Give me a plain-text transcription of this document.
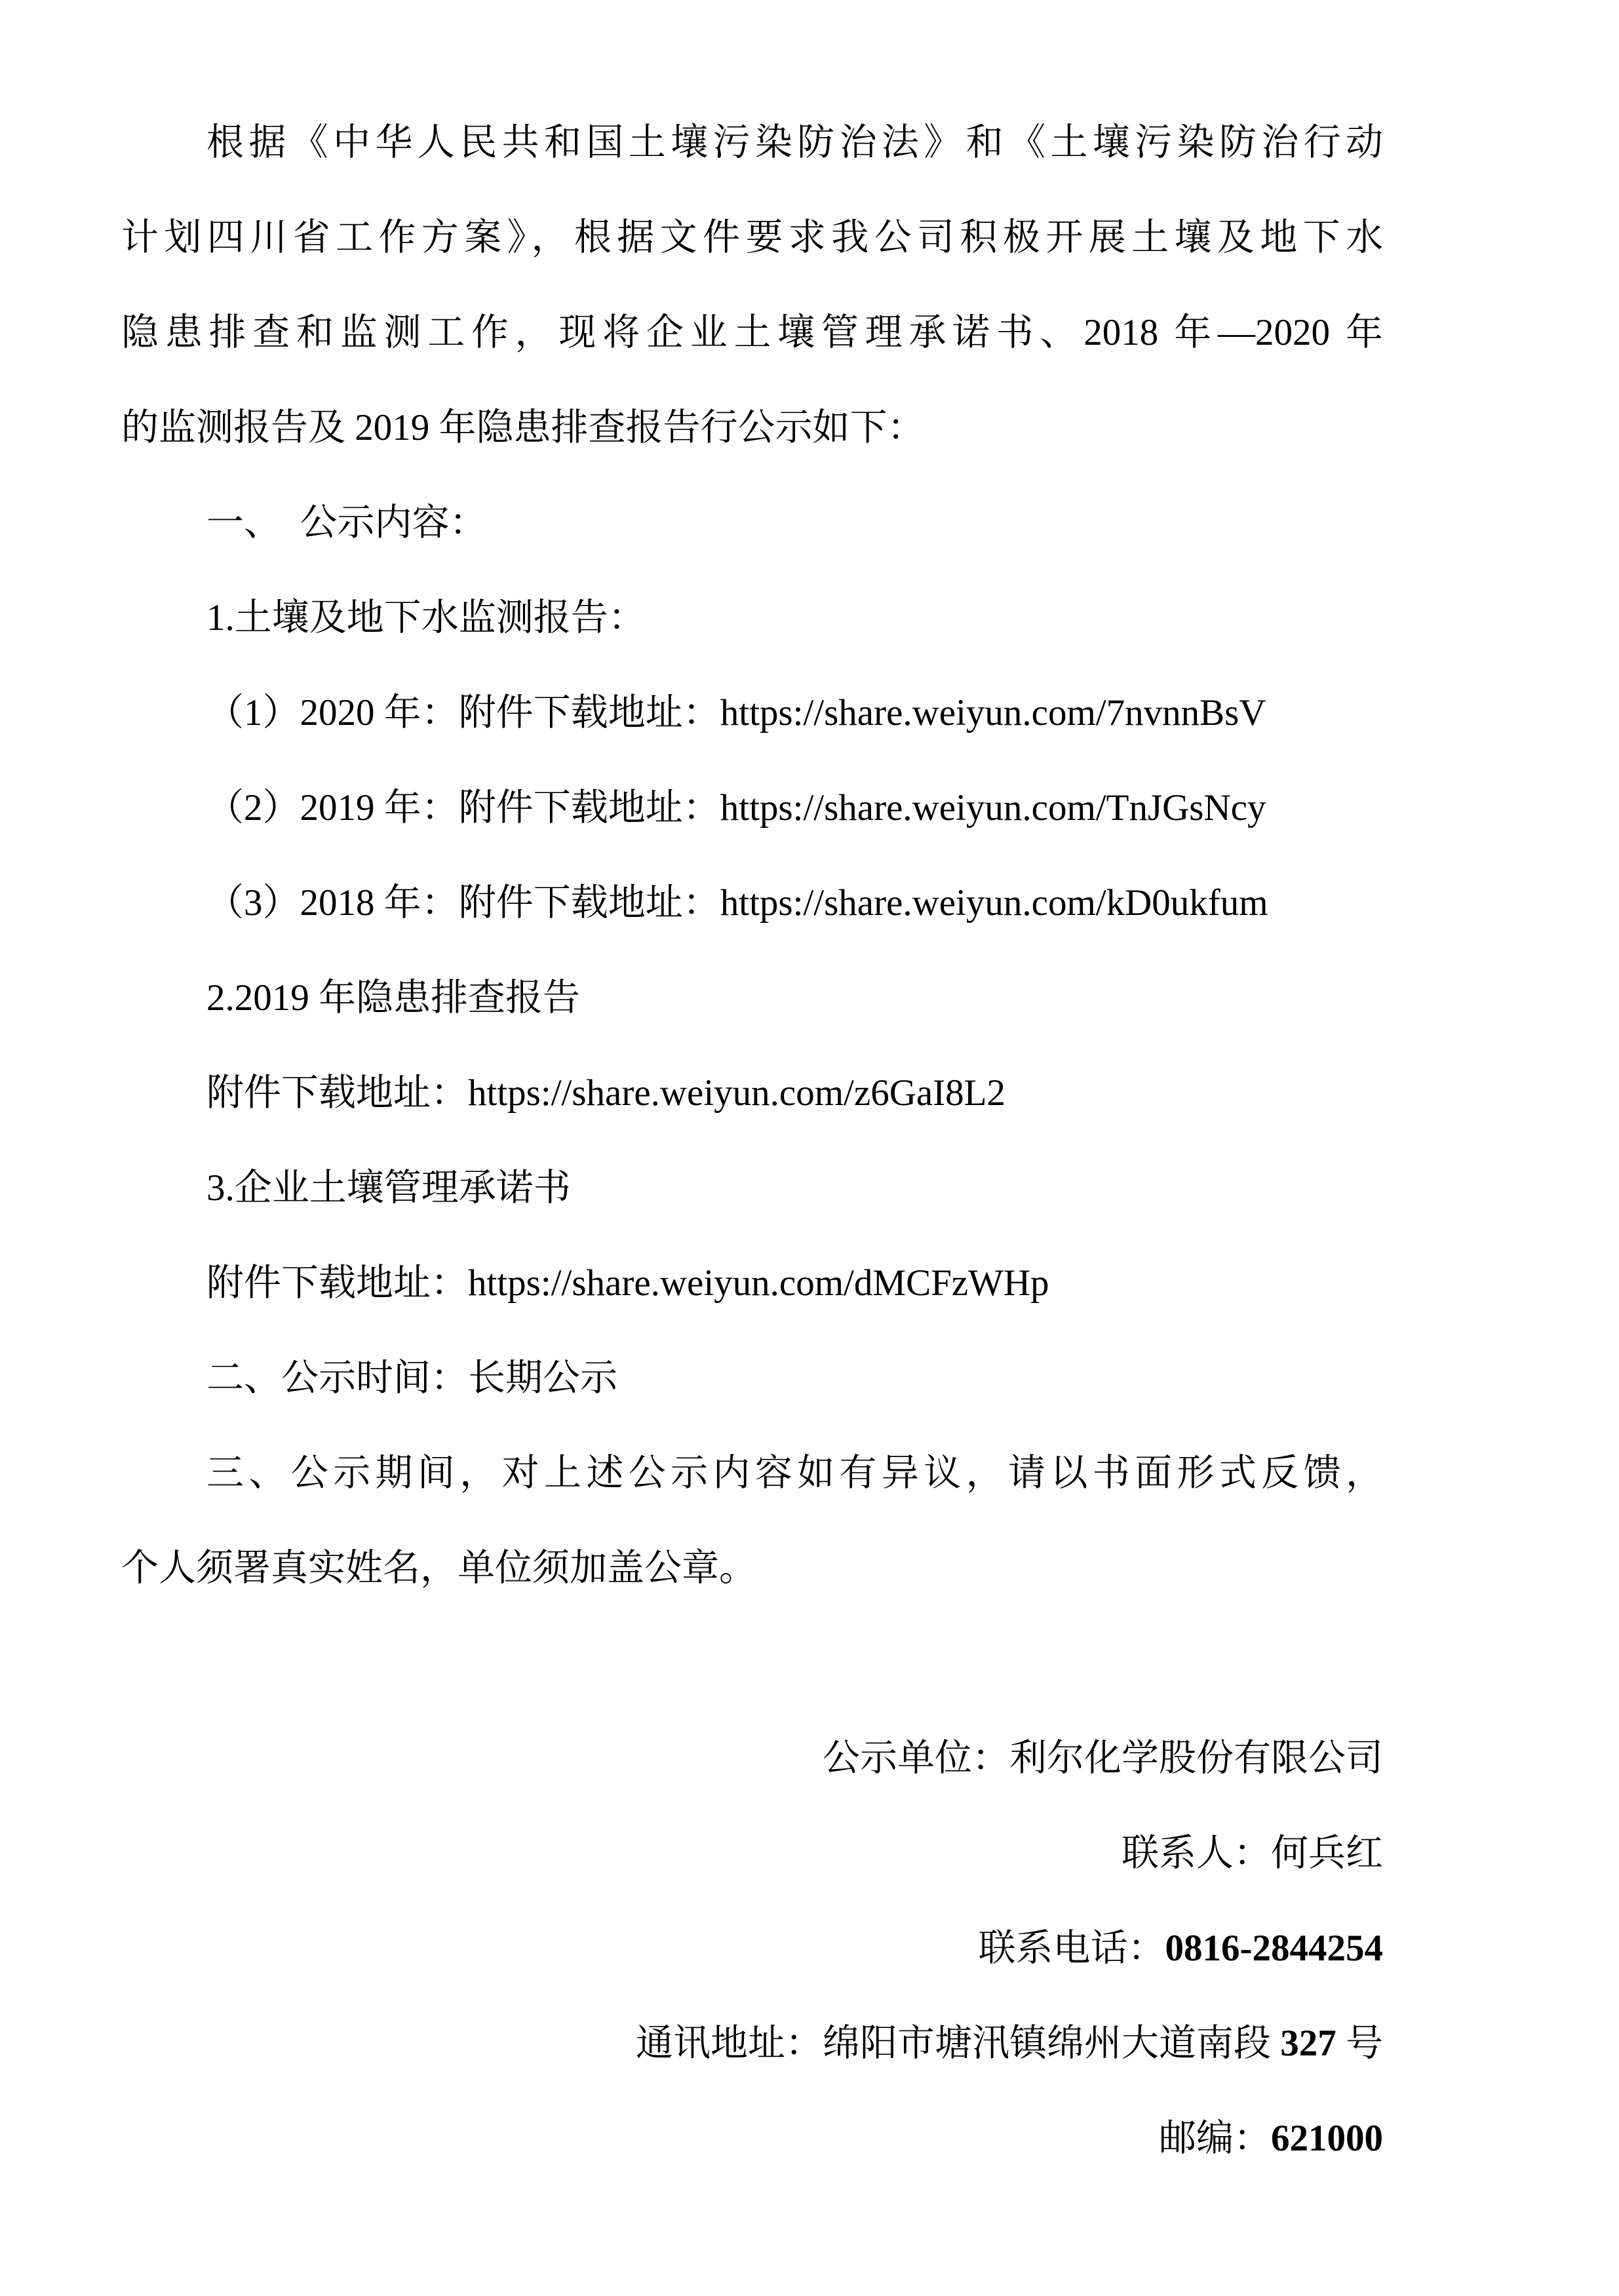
根据《中华人民共和国土壤污染防治法》和《土壤污染防治行动
计划四川省工作方案》，根据文件要求我公司积极开展土壤及地下水
隐患排查和监测工作，现将企业土壤管理承诺书、2018 年—2020 年
的监测报告及 2019 年隐患排查报告行公示如下：
一、　公示内容：
1.土壤及地下水监测报告：
（1）2020 年：附件下载地址：https://share.weiyun.com/7nvnnBsV
（2）2019 年：附件下载地址：https://share.weiyun.com/TnJGsNcy
（3）2018 年：附件下载地址：https://share.weiyun.com/kD0ukfum
2.2019 年隐患排查报告
附件下载地址：https://share.weiyun.com/z6GaI8L2
3.企业土壤管理承诺书
附件下载地址：https://share.weiyun.com/dMCFzWHp
二、公示时间：长期公示
三、公示期间，对上述公示内容如有异议，请以书面形式反馈，
个人须署真实姓名，单位须加盖公章。
公示单位：利尔化学股份有限公司
联系人：何兵红
联系电话：0816-2844254
通讯地址：绵阳市塘汛镇绵州大道南段 327 号
邮编：621000
